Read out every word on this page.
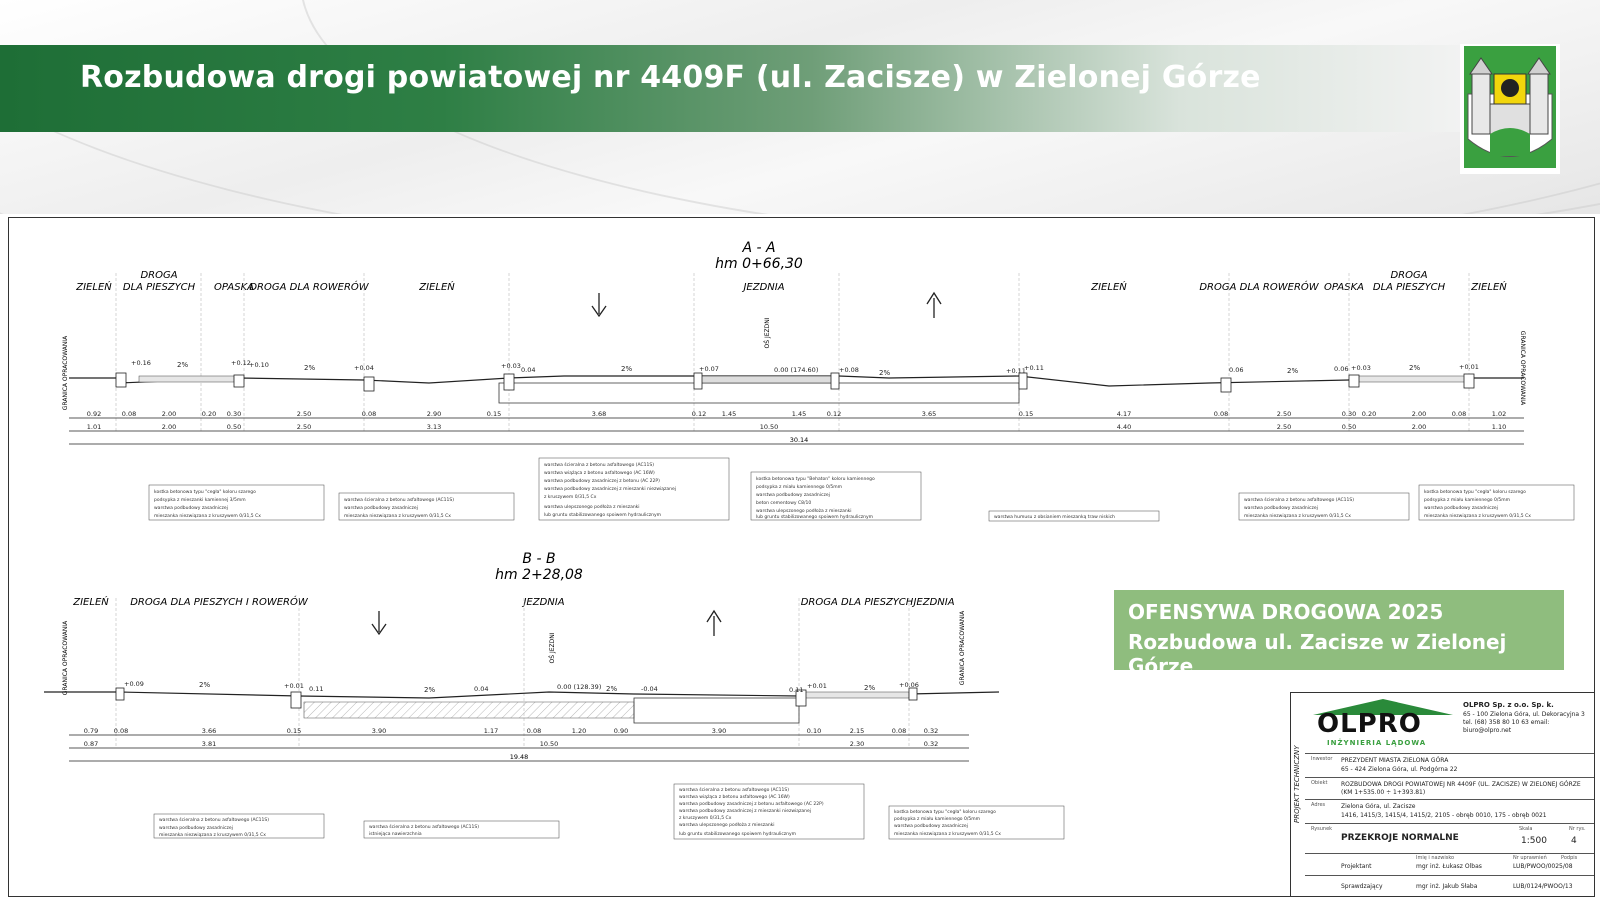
Rozbudowa drogi powiatowej nr 4409F (ul. Zacisze) w Zielonej Górze
A - A
hm 0+66,30
ZIELEŃ
DROGA
DLA PIESZYCH OPASKA
DROGA DLA ROWERÓW	ZIELEŃ	JEZDNIA	ZIELEŃ	DROGA DLA ROWERÓW OPASKA
DROGA
DLA PIESZYCH	ZIELEŃ
GRANICA OPRACOWANIA	GRANICA OPRACOWANIA
OŚ JEZDNI
+0.16	+0.12
+0.10	+0.04	+0.03 0.04	+0.07	0.00 (174.60)	+0.08	+0.11
+0.11	0.06	0.06 +0.03	+0.01
2%	2%	2%	2%	2%	2%
0.92	0.08	2.00	0.20 0.30	2.50	0.08	2.90	0.15	3.68	0.12 1.45	1.45	0.12	3.65	0.15	4.17	0.08	2.50	0.30 0.20	2.00	0.08	1.02
1.01	2.00	0.50	2.50	3.13	10.50	4.40	2.50	0.50	2.00	1.10
30.14
kostka betonowa typu "cegła" koloru szarego
podsypka z mieszanki kamiennej 3/5mm
warstwa podbudowy zasadniczej
mieszanka niezwiązana z kruszywem 0/31,5 Cx
warstwa ścieralna z betonu asfaltowego (AC11S)
warstwa podbudowy zasadniczej
mieszanka niezwiązana z kruszywem 0/31,5 Cx
warstwa ścieralna z betonu asfaltowego (AC11S)
warstwa wiążąca z betonu asfaltowego (AC 16W)
warstwa podbudowy zasadniczej z betonu (AC 22P)
warstwa podbudowy zasadniczej z mieszanki niezwiązanej
z kruszywem 0/31,5 Cx
warstwa ulepszonego podłoża z mieszanki
lub gruntu stabilizowanego spoiwem hydraulicznym
kostka betonowa typu "Behaton" koloru kamiennego
podsypka z miału kamiennego 0/5mm
warstwa podbudowy zasadniczej
beton cementowy C8/10
warstwa ulepszonego podłoża z mieszanki
lub gruntu stabilizowanego spoiwem hydraulicznym	warstwa humusu z obsianiem mieszanką traw niskich
warstwa ścieralna z betonu asfaltowego (AC11S)
warstwa podbudowy zasadniczej
mieszanka niezwiązana z kruszywem 0/31,5 Cx
kostka betonowa typu "cegła" koloru szarego
podsypka z miału kamiennego 0/5mm
warstwa podbudowy zasadniczej
mieszanka niezwiązana z kruszywem 0/31,5 Cx
B - B
hm 2+28,08
ZIELEŃ DROGA DLA PIESZYCH I ROWERÓW	JEZDNIA	DROGA DLA PIESZYCH JEZDNIA
GRANICA OPRACOWANIA	GRANICA OPRACOWANIA
OŚ JEZDNI
+0.09	+0.01 0.11	0.04	0.00 (128.39)	-0.04	0.11 +0.01	+0.06
2%
2%	2%	2%
0.79 0.08	3.66	0.15	3.90	1.17	0.08	1.20	0.90	3.90	0.10	2.15	0.08	0.32
0.87	3.81	10.50	2.30	0.32
19.48
warstwa ścieralna z betonu asfaltowego (AC11S)
warstwa podbudowy zasadniczej
mieszanka niezwiązana z kruszywem 0/31,5 Cx
warstwa ścieralna z betonu asfaltowego (AC11S)
istniejąca nawierzchnia
warstwa ścieralna z betonu asfaltowego (AC11S)
warstwa wiążąca z betonu asfaltowego (AC 16W)
warstwa podbudowy zasadniczej z betonu asfaltowego (AC 22P)
warstwa podbudowy zasadniczej z mieszanki niezwiązanej
z kruszywem 0/31,5 Cx
warstwa ulepszonego podłoża z mieszanki
lub gruntu stabilizowanego spoiwem hydraulicznym
kostka betonowa typu "cegła" koloru szarego
podsypka z miału kamiennego 0/5mm
warstwa podbudowy zasadniczej
mieszanka niezwiązana z kruszywem 0/31,5 Cx
OFENSYWA DROGOWA 2025
Rozbudowa ul. Zacisze w Zielonej Górze
PROJEKT TECHNICZNY
OLPRO
INŻYNIERIA LĄDOWA
OLPRO Sp. z o.o. Sp. k.
65 - 100 Zielona Góra, ul. Dekoracyjna 3 tel. (68) 358 80 10 63 email: biuro@olpro.net
Inwestor PREZYDENT MIASTA ZIELONA GÓRA
65 - 424 Zielona Góra, ul. Podgórna 22
Obiekt ROZBUDOWA DROGI POWIATOWEJ NR 4409F (UL. ZACISZE) W ZIELONEJ GÓRZE (KM 1+535.00 ÷ 1+393.81)
Adres	Zielona Góra, ul. Zacisze
1416, 1415/3, 1415/4, 1415/2, 2105 - obręb 0010, 175 - obręb 0021
Rysunek	Skala	Nr rys.
PRZEKROJE NORMALNE	1:500	4
Imię i nazwisko	Nr uprawnień	Podpis
Projektant	mgr inż. Łukasz Olbas	LUB/PWOO/0025/08
Sprawdzający	mgr inż. Jakub Słaba	LUB/0124/PWOO/13
